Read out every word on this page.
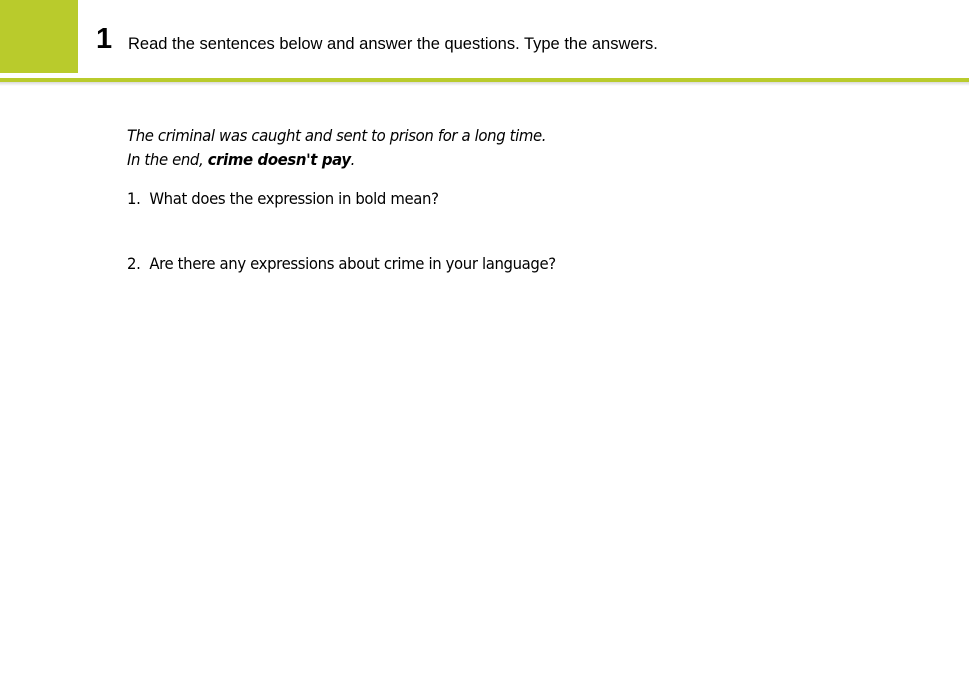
1 Read the sentences below and answer the questions. Type the answers.
The criminal was caught and sent to prison for a long time.
In the end, crime doesn't pay.
1. What does the expression in bold mean?
2. Are there any expressions about crime in your language?
